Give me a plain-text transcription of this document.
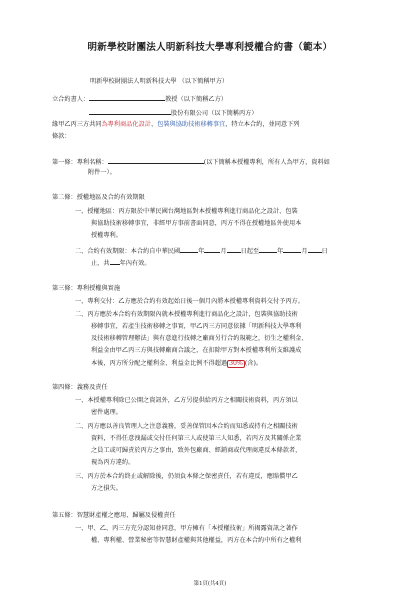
明新學校財團法人明新科技大學專利授權合約書（範本）
明新學校財團法人明新科技大學 （以下簡稱甲方）
立合約書人：	教授（以下簡稱乙方）
股份有限公司（以下簡稱丙方）
緣甲乙丙三方共同為專利商品化設計、包裝與協助技術移轉事宜，特立本合約，並同意下列
條款：
第一條：專利名稱：	(以下簡稱本授權專利，所有人為甲方，資料如
附件一）。
第二條：授權地區及合約有效期限
一、授權地區：丙方限於中華民國台灣地區對本授權專利進行商品化之設計、包裝
與協助技術移轉事宜，非經甲方事前書面同意，丙方不得在授權地區外使用本
授權專利。
二、合約有效期限：本合約自中華民國	年	月 日起至	年	月 日
止，共 年內有效。
第三條：專利授權與實施
一、專利交付：乙方應於合約有效起始日後一個月內將本授權專利資料交付予丙方。
二、丙方應於本合約有效期限內就本授權專利進行商品化之設計，包裝與協助技術
移轉事宜，若產生技術移轉之事實，甲乙丙三方同意依據「明新科技大學專利
及技術移轉管理辦法」與有意進行技轉之廠商另行合約規範之，衍生之權利金、
利益金由甲乙丙三方與技轉廠商合議之，在扣除甲方對本授權專利所支維護成
本後，丙方所分配之權利金、利益金比例不得超過 30% (含)。
第四條：義務及責任
一、本授權專利除已公開之資訊外，乙方另提供給丙方之相關技術資料，丙方須以
密件處理。
二、丙方應以善良管理人之注意義務，妥善保管因本合約而知悉或持有之相關技術
資料，不得任意洩漏或交付任何第三人或使第三人知悉，若丙方及其關係企業
之員工或可歸責於丙方之事由，致外包廠商、經銷商或代理商違反本條款者，
視為丙方違約。
三、丙方於本合約終止或解除後，仍須負本條之保密責任，若有違反，應賠償甲乙
方之損失。
第五條：智慧財產權之應用、歸屬及侵權責任
一、甲、乙、丙三方充分認知並同意，甲方擁有「本授權技術」所揭露資訊之著作
權、專利權、營業秘密等智慧財產權與其他權益，丙方在本合約中所有之權利
第1頁(共4頁)
